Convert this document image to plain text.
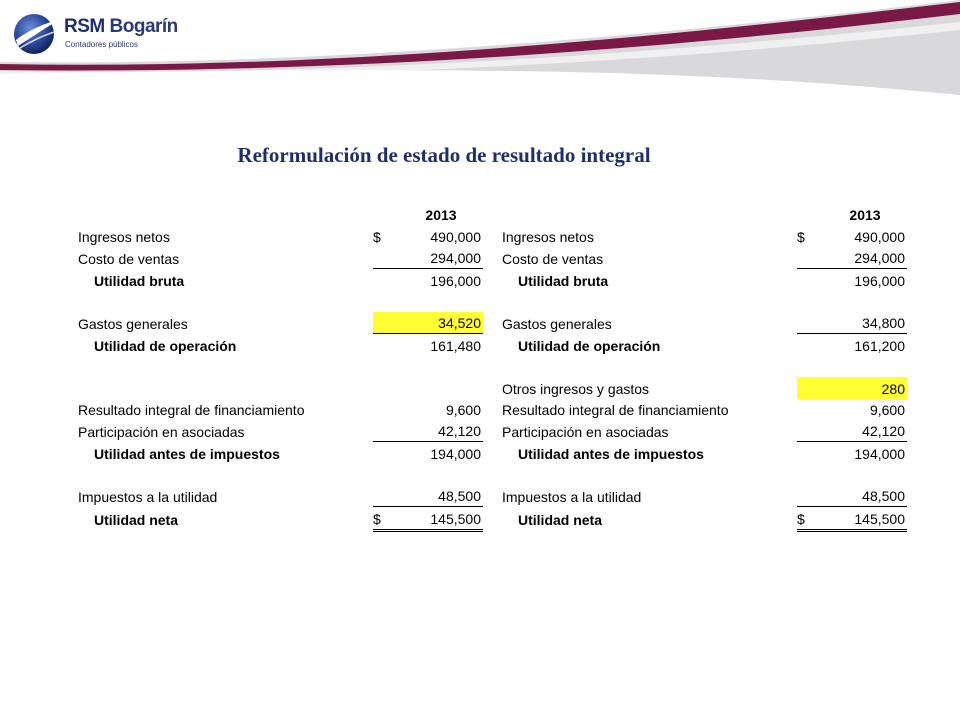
RSM Bogarín
Contadores públicos
Reformulación de estado de resultado integral
		2013
Ingresos netos	$	490,000
Costo de ventas		294,000
Utilidad bruta		196,000

Gastos generales		34,520
Utilidad de operación		161,480

Resultado integral de financiamiento		9,600
Participación en asociadas		42,120
Utilidad antes de impuestos		194,000

Impuestos a la utilidad		48,500
Utilidad neta	$	145,500
		2013
Ingresos netos	$	490,000
Costo de ventas		294,000
Utilidad bruta		196,000

Gastos generales		34,800
Utilidad de operación		161,200

Otros ingresos y gastos		280
Resultado integral de financiamiento		9,600
Participación en asociadas		42,120
Utilidad antes de impuestos		194,000

Impuestos a la utilidad		48,500
Utilidad neta	$	145,500
